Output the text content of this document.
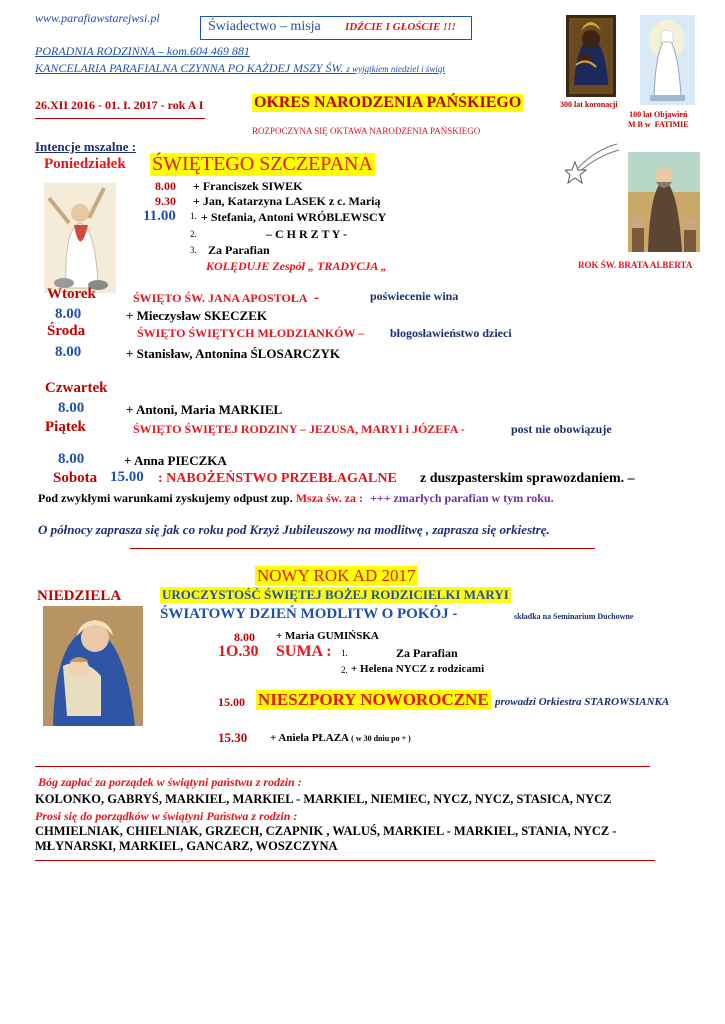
www.parafiawstarejwsi.pl
Świadectwo – misja IDŹCIE I GŁOŚCIE !!!
PORADNIA RODZINNA – kom.604 469 881
KANCELARIA PARAFIALNA CZYNNA PO KAŻDEJ MSZY ŚW. z wyjątkiem niedziel i świąt
26.XII 2016 - 01. I. 2017 - rok A I	OKRES NARODZENIA PAŃSKIEGO
ROZPOCZYNA SIĘ OKTAWA NARODZENIA PAŃSKIEGO
300 lat koronacji
100 lat Objawień
M B w  FATIMIE
ROK ŚW. BRATA ALBERTA
Intencje mszalne :
Poniedziałek ŚWIĘTEGO SZCZEPANA
8.00 + Franciszek SIWEK
9.30 + Jan, Katarzyna LASEK z c. Marią
11.00 1. + Stefania, Antoni WRÓBLEWSCY
2.	– C H R Z T Y -
3. Za Parafian
KOLĘDUJE Zespół „ TRADYCJA „
Wtorek	ŚWIĘTO ŚW. JANA APOSTOŁA -	poświecenie wina
8.00	+ Mieczysław SKECZEK
Środa	ŚWIĘTO ŚWIĘTYCH MŁODZIANKÓW – błogosławieństwo dzieci
8.00	+ Stanisław, Antonina ŚLOSARCZYK
Czwartek
8.00	+ Antoni, Maria MARKIEL
Piątek	ŚWIĘTO ŚWIĘTEJ RODZINY – JEZUSA, MARYI i JÓZEFA -	post nie obowiązuje
8.00	+ Anna PIECZKA
Sobota 15.00 : NABOŻEŃSTWO PRZEBŁAGALNE z duszpasterskim sprawozdaniem. –
Pod zwykłymi warunkami zyskujemy odpust zup. Msza św. za : +++ zmarłych parafian w tym roku.
O północy zaprasza się jak co roku pod Krzyż Jubileuszowy na modlitwę , zaprasza się orkiestrę.
NOWY ROK AD 2017
NIEDZIELA	UROCZYSTOŚĆ ŚWIĘTEJ BOŻEJ RODZICIELKI MARYI
ŚWIATOWY DZIEŃ MODLITW O POKÓJ -	składka na Seminarium Duchowne
8.00 + Maria GUMIŃSKA
1O.30 SUMA : 1.	Za Parafian
2. + Helena NYCZ z rodzicami
15.00 NIESZPORY NOWOROCZNE prowadzi Orkiestra STAROWSIANKA
15.30 + Aniela PŁAZA ( w 30 dniu po + )
Bóg zapłać za porządek w świątyni państwu z rodzin :
KOLONKO, GABRYŚ, MARKIEL, MARKIEL - MARKIEL, NIEMIEC, NYCZ, NYCZ, STASICA, NYCZ
Prosi się do porządków w świątyni Państwa z rodzin :
CHMIELNIAK, CHIELNIAK, GRZECH, CZAPNIK , WALUŚ, MARKIEL - MARKIEL, STANIA, NYCZ -
MŁYNARSKI, MARKIEL, GANCARZ, WOSZCZYNA
